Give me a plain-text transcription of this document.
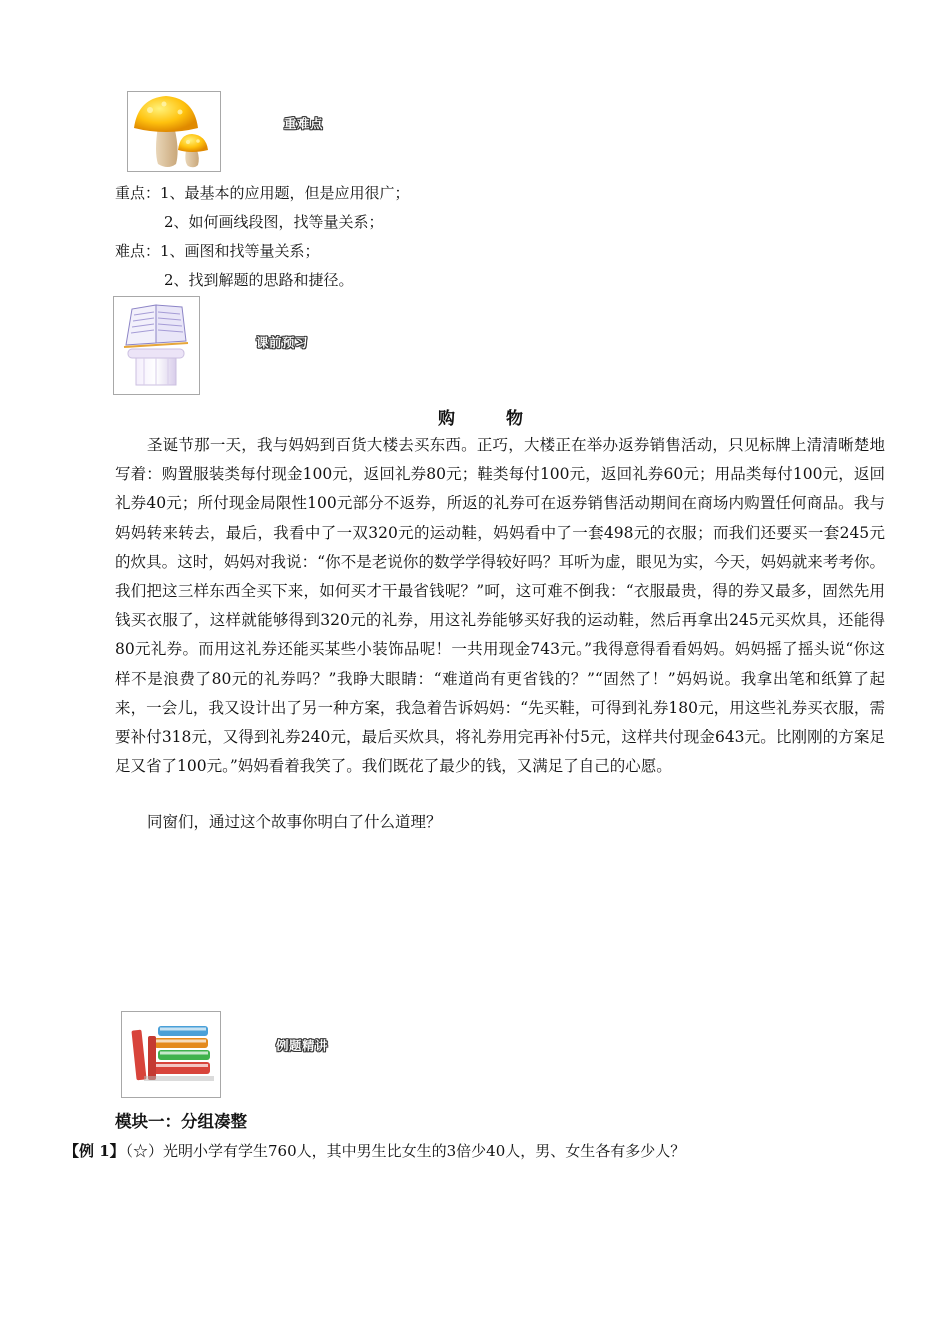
重难点
重点：1、最基本的应用题，但是应用很广；
2、如何画线段图，找等量关系；
难点：1、画图和找等量关系；
2、找到解题的思路和捷径。
课前预习
购　　　物
圣诞节那一天，我与妈妈到百货大楼去买东西。正巧，大楼正在举办返券销售活动，只见标牌上清清晰楚地写着：购置服装类每付现金100元，返回礼券80元；鞋类每付100元，返回礼券60元；用品类每付100元，返回礼券40元；所付现金局限性100元部分不返券，所返的礼券可在返券销售活动期间在商场内购置任何商品。我与妈妈转来转去，最后，我看中了一双320元的运动鞋，妈妈看中了一套498元的衣服；而我们还要买一套245元的炊具。这时，妈妈对我说：“你不是老说你的数学学得较好吗？耳听为虚，眼见为实，今天，妈妈就来考考你。我们把这三样东西全买下来，如何买才干最省钱呢？”呵，这可难不倒我：“衣服最贵，得的券又最多，固然先用钱买衣服了，这样就能够得到320元的礼券，用这礼券能够买好我的运动鞋，然后再拿出245元买炊具，还能得80元礼券。而用这礼券还能买某些小装饰品呢！一共用现金743元。”我得意得看看妈妈。妈妈摇了摇头说“你这样不是浪费了80元的礼券吗？”我睁大眼睛：“难道尚有更省钱的？”“固然了！”妈妈说。我拿出笔和纸算了起来，一会儿，我又设计出了另一种方案，我急着告诉妈妈：“先买鞋，可得到礼券180元，用这些礼券买衣服，需要补付318元，又得到礼券240元，最后买炊具，将礼券用完再补付5元，这样共付现金643元。比刚刚的方案足足又省了100元。”妈妈看着我笑了。我们既花了最少的钱，又满足了自己的心愿。
同窗们，通过这个故事你明白了什么道理？
例题精讲
模块一：分组凑整
【例 1】
（☆）光明小学有学生760人，其中男生比女生的3倍少40人，男、女生各有多少人？
